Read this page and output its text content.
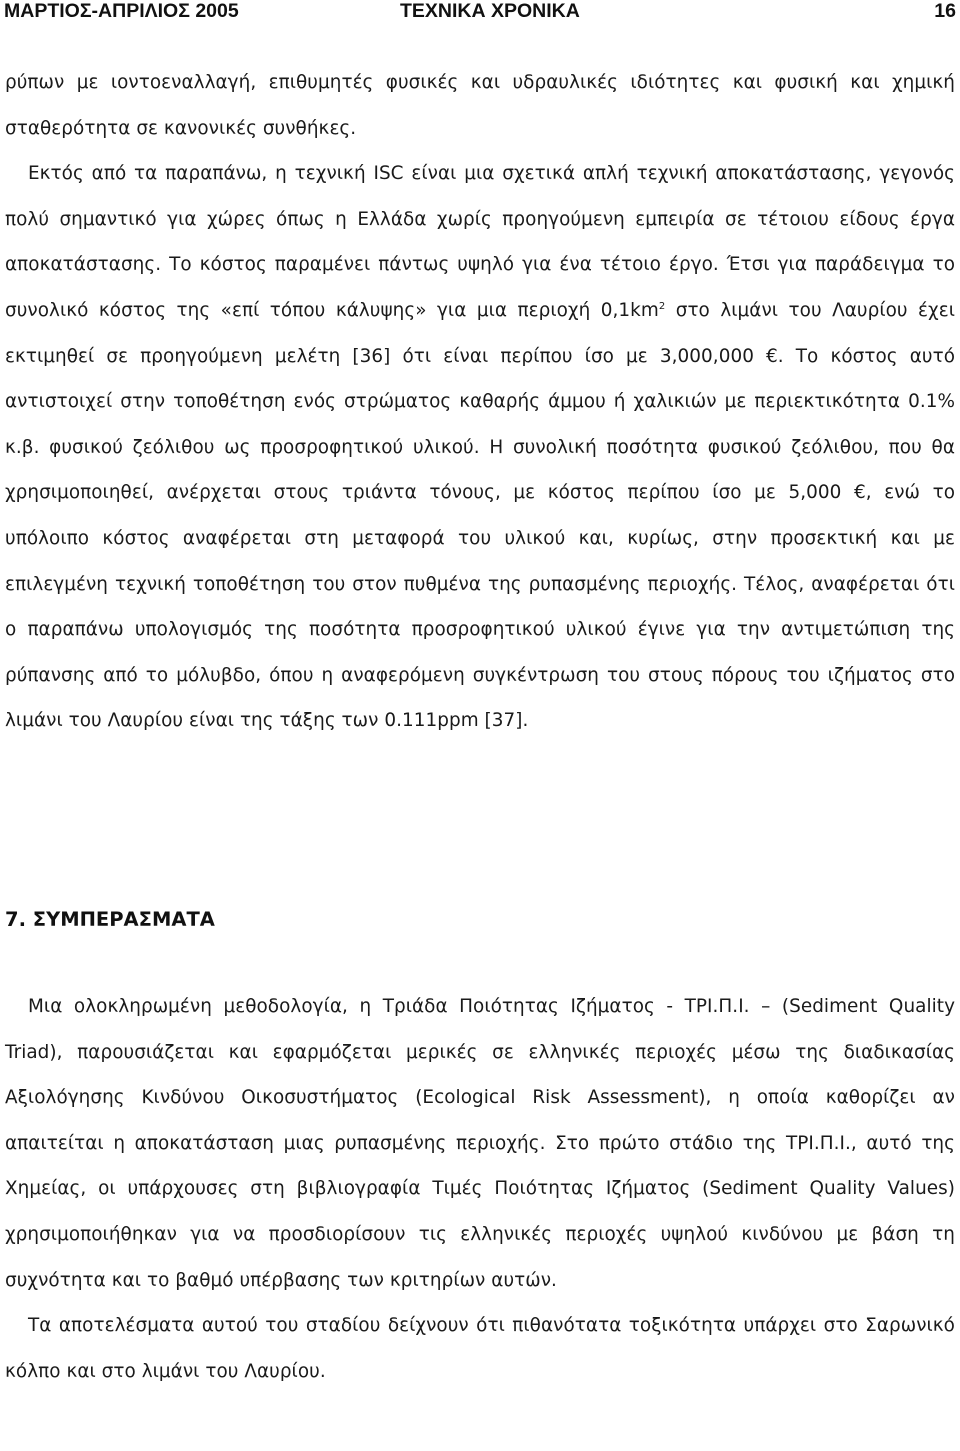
ΜΑΡΤΙΟΣ-ΑΠΡΙΛΙΟΣ 2005	ΤΕΧΝΙΚΑ ΧΡΟΝΙΚΑ	16

ρύπων με ιοντοεναλλαγή, επιθυμητές φυσικές και υδραυλικές ιδιότητες και φυσική και χημική σταθερότητα σε κανονικές συνθήκες.

Εκτός από τα παραπάνω, η τεχνική ISC είναι μια σχετικά απλή τεχνική αποκατάστασης, γεγονός πολύ σημαντικό για χώρες όπως η Ελλάδα χωρίς προηγούμενη εμπειρία σε τέτοιου είδους έργα αποκατάστασης. Το κόστος παραμένει πάντως υψηλό για ένα τέτοιο έργο. Έτσι για παράδειγμα το συνολικό κόστος της «επί τόπου κάλυψης» για μια περιοχή $0,1km^2$ στο λιμάνι του Λαυρίου έχει εκτιμηθεί σε προηγούμενη μελέτη [36] ότι είναι περίπου ίσο με 3,000,000 €. Το κόστος αυτό αντιστοιχεί στην τοποθέτηση ενός στρώματος καθαρής άμμου ή χαλικιών με περιεκτικότητα 0.1% κ.β. φυσικού ζεόλιθου ως προσροφητικού υλικού. Η συνολική ποσότητα φυσικού ζεόλιθου, που θα χρησιμοποιηθεί, ανέρχεται στους τριάντα τόνους, με κόστος περίπου ίσο με 5,000 €, ενώ το υπόλοιπο κόστος αναφέρεται στη μεταφορά του υλικού και, κυρίως, στην προσεκτική και με επιλεγμένη τεχνική τοποθέτηση του στον πυθμένα της ρυπασμένης περιοχής. Τέλος, αναφέρεται ότι ο παραπάνω υπολογισμός της ποσότητα προσροφητικού υλικού έγινε για την αντιμετώπιση της ρύπανσης από το μόλυβδο, όπου η αναφερόμενη συγκέντρωση του στους πόρους του ιζήματος στο λιμάνι του Λαυρίου είναι της τάξης των 0.111ppm [37].

7. ΣΥΜΠΕΡΑΣΜΑΤΑ

Μια ολοκληρωμένη μεθοδολογία, η Τριάδα Ποιότητας Ιζήματος - ΤΡΙ.Π.Ι. – (Sediment Quality Triad), παρουσιάζεται και εφαρμόζεται μερικές σε ελληνικές περιοχές μέσω της διαδικασίας Αξιολόγησης Κινδύνου Οικοσυστήματος (Ecological Risk Assessment), η οποία καθορίζει αν απαιτείται η αποκατάσταση μιας ρυπασμένης περιοχής. Στο πρώτο στάδιο της ΤΡΙ.Π.Ι., αυτό της Χημείας, οι υπάρχουσες στη βιβλιογραφία Τιμές Ποιότητας Ιζήματος (Sediment Quality Values) χρησιμοποιήθηκαν για να προσδιορίσουν τις ελληνικές περιοχές υψηλού κινδύνου με βάση τη συχνότητα και το βαθμό υπέρβασης των κριτηρίων αυτών.

Τα αποτελέσματα αυτού του σταδίου δείχνουν ότι πιθανότατα τοξικότητα υπάρχει στο Σαρωνικό κόλπο και στο λιμάνι του Λαυρίου.
